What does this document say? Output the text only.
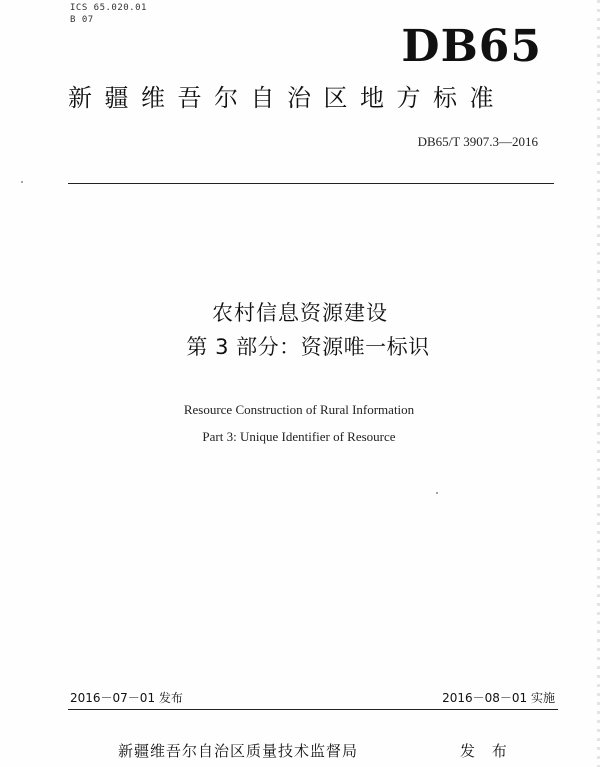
ICS 65.020.01
B 07
DB65
新疆维吾尔自治区地方标准
DB65/T 3907.3—2016
农村信息资源建设
第 3 部分：资源唯一标识
Resource Construction of Rural Information
Part 3: Unique Identifier of Resource
2016－07－01 发布	2016－08－01 实施
新疆维吾尔自治区质量技术监督局	发 布
